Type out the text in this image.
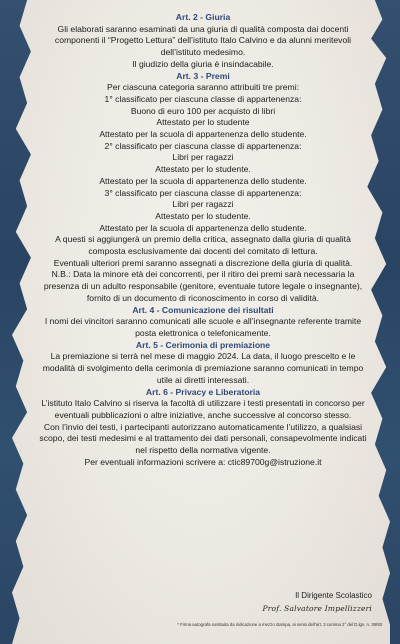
Art. 2 - Giuria

Gli elaborati saranno esaminati da una giuria di qualità composta dai docenti

componenti il “Progetto Lettura” dell’istituto Italo Calvino e da alunni meritevoli

dell’istituto medesimo.

Il giudizio della giuria è insindacabile.

Art. 3 - Premi

Per ciascuna categoria saranno attribuiti tre premi:

1° classificato per ciascuna classe di appartenenza:

Buono di euro 100 per acquisto di libri

Attestato per lo studente

Attestato per la scuola di appartenenza dello studente.

2° classificato per ciascuna classe di appartenenza:

Libri per ragazzi

Attestato per lo studente.

Attestato per la scuola di appartenenza dello studente.

3° classificato per ciascuna classe di appartenenza:

Libri per ragazzi

Attestato per lo studente.

Attestato per la scuola di appartenenza dello studente.

A questi si aggiungerà un premio della critica, assegnato dalla giuria di qualità

composta esclusivamente dai docenti del comitato di lettura.

Eventuali ulteriori premi saranno assegnati a discrezione della giuria di qualità.

N.B.: Data la minore età dei concorrenti, per il ritiro dei premi sarà necessaria la

presenza di un adulto responsabile (genitore, eventuale tutore legale o insegnante),

fornito di un documento di riconoscimento in corso di validità.

Art. 4 - Comunicazione dei risultati

I nomi dei vincitori saranno comunicati alle scuole e all’insegnante referente tramite

posta elettronica o telefonicamente.

Art. 5 - Cerimonia di premiazione

La premiazione si terrà nel mese di maggio 2024. La data, il luogo prescelto e le

modalità di svolgimento della cerimonia di premiazione saranno comunicati in tempo

utile ai diretti interessati.

Art. 6 - Privacy e Liberatoria

L’istituto Italo Calvino si riserva la facoltà di utilizzare i testi presentati in concorso per

eventuali pubblicazioni o altre iniziative, anche successive al concorso stesso.

Con l’invio dei testi, i partecipanti autorizzano automaticamente l’utilizzo, a qualsiasi

scopo, dei testi medesimi e al trattamento dei dati personali, consapevolmente indicati

nel rispetto della normativa vigente.

Per eventuali informazioni scrivere a: ctic89700g@istruzione.it

Il Dirigente Scolastico
Prof. Salvatore Impellizzeri
* Firma autografa sostituita da indicazione a mezzo stampa, ai sensi dell’art. 3 comma 2° del D.lgs. n. 39/93
